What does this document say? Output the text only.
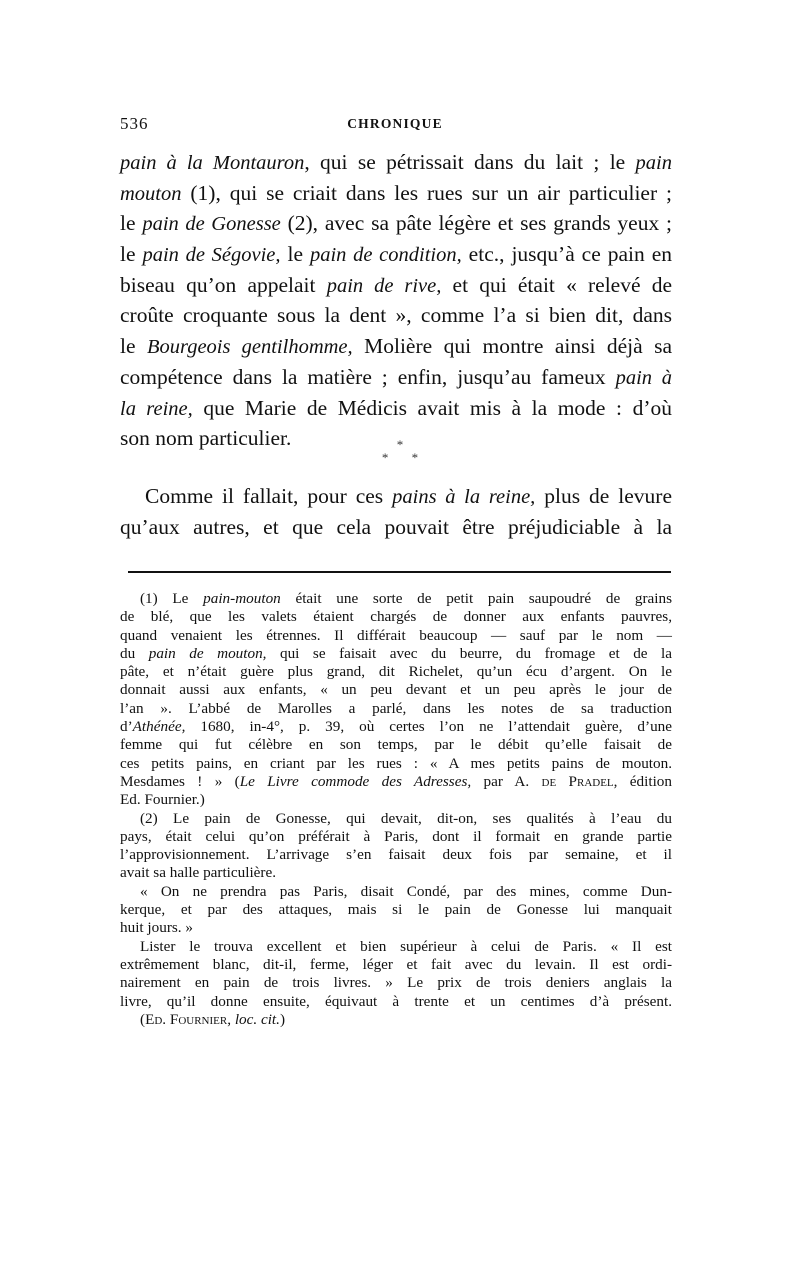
536	CHRONIQUE
pain à la Montauron, qui se pétrissait dans du lait ; le pain
mouton (1), qui se criait dans les rues sur un air particulier ;
le pain de Gonesse (2), avec sa pâte légère et ses grands yeux ;
le pain de Ségovie, le pain de condition, etc., jusqu’à ce pain en
biseau qu’on appelait pain de rive, et qui était « relevé de
croûte croquante sous la dent », comme l’a si bien dit, dans
le Bourgeois gentilhomme, Molière qui montre ainsi déjà sa
compétence dans la matière ; enfin, jusqu’au fameux pain à
la reine, que Marie de Médicis avait mis à la mode : d’où
son nom particulier.	*
* *
Comme il fallait, pour ces pains à la reine, plus de levure
qu’aux autres, et que cela pouvait être préjudiciable à la
(1) Le pain-mouton était une sorte de petit pain saupoudré de grains
de blé, que les valets étaient chargés de donner aux enfants pauvres,
quand venaient les étrennes. Il différait beaucoup — sauf par le nom —
du pain de mouton, qui se faisait avec du beurre, du fromage et de la
pâte, et n’était guère plus grand, dit Richelet, qu’un écu d’argent. On le
donnait aussi aux enfants, « un peu devant et un peu après le jour de
l’an ». L’abbé de Marolles a parlé, dans les notes de sa traduction
d’Athénée, 1680, in-4°, p. 39, où certes l’on ne l’attendait guère, d’une
femme qui fut célèbre en son temps, par le débit qu’elle faisait de
ces petits pains, en criant par les rues : « A mes petits pains de mouton.
Mesdames ! » (Le Livre commode des Adresses, par A. de Pradel, édition
Ed. Fournier.)
(2) Le pain de Gonesse, qui devait, dit-on, ses qualités à l’eau du
pays, était celui qu’on préférait à Paris, dont il formait en grande partie
l’approvisionnement. L’arrivage s’en faisait deux fois par semaine, et il
avait sa halle particulière.
« On ne prendra pas Paris, disait Condé, par des mines, comme Dun-
kerque, et par des attaques, mais si le pain de Gonesse lui manquait
huit jours. »
Lister le trouva excellent et bien supérieur à celui de Paris. « Il est
extrêmement blanc, dit-il, ferme, léger et fait avec du levain. Il est ordi-
nairement en pain de trois livres. » Le prix de trois deniers anglais la
livre, qu’il donne ensuite, équivaut à trente et un centimes d’à présent.
(Ed. Fournier, loc. cit.)
